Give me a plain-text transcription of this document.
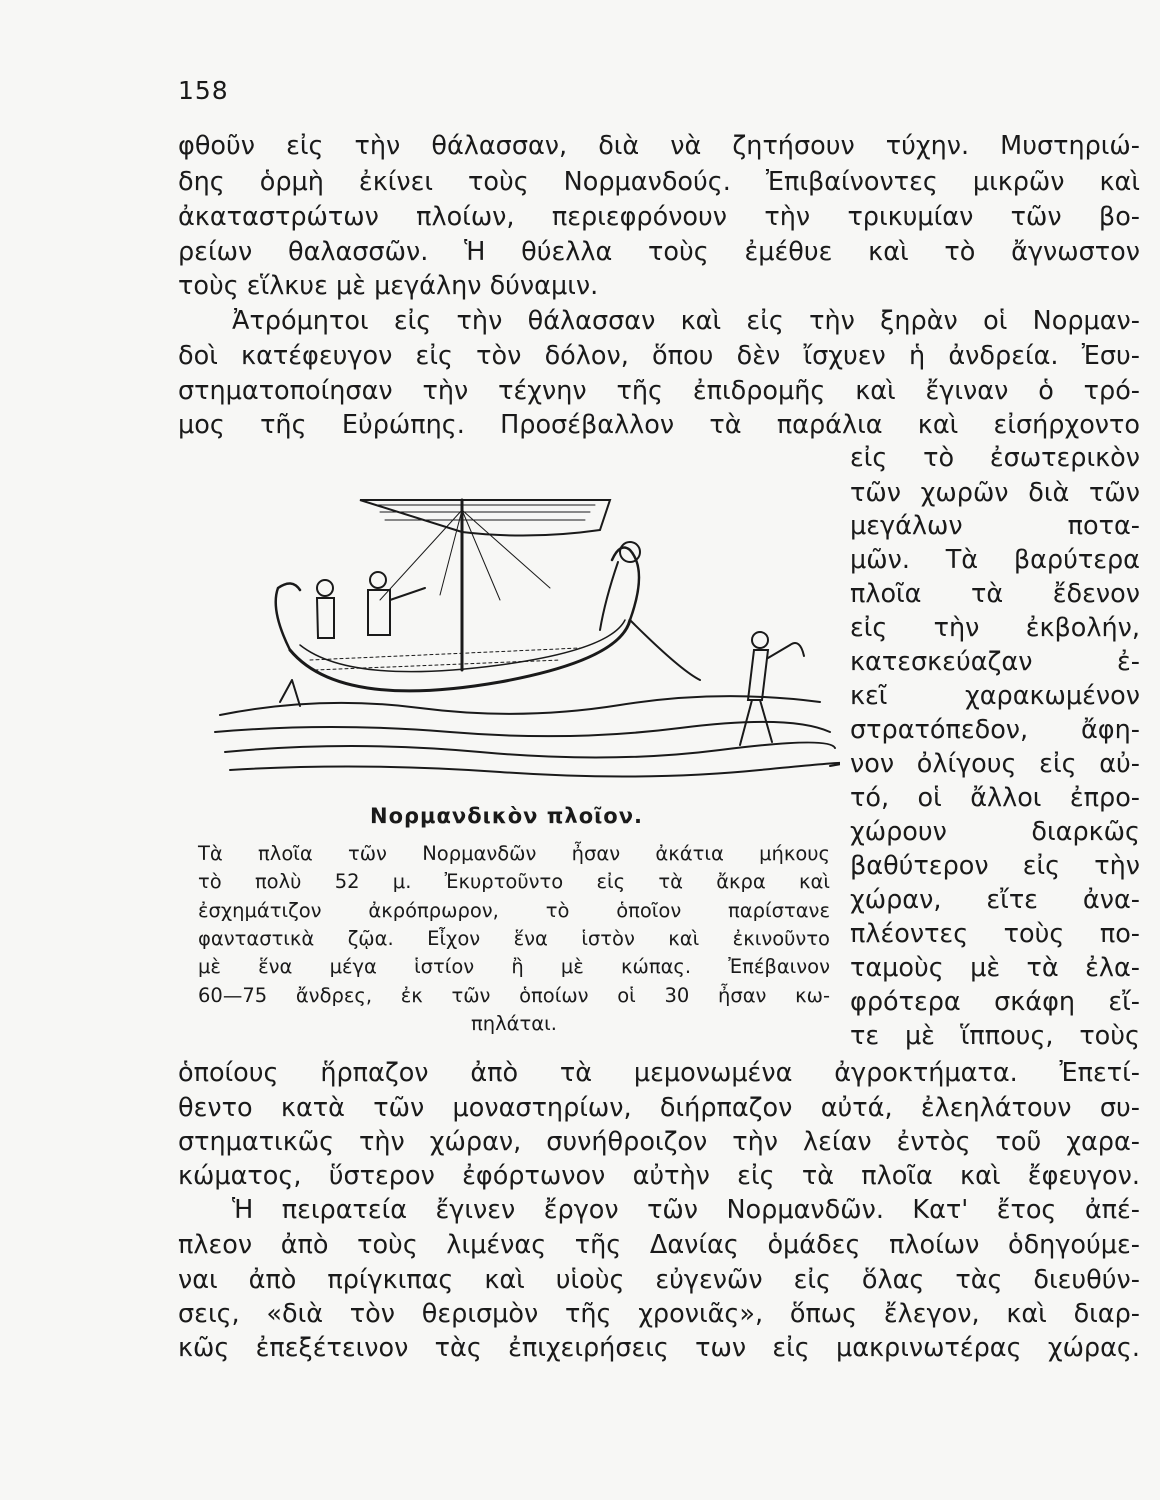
158
φθοῦν εἰς τὴν θάλασσαν, διὰ νὰ ζητήσουν τύχην. Μυστηριώ-
δης ὁρμὴ ἐκίνει τοὺς Νορμανδούς. Ἐπιβαίνοντες μικρῶν καὶ
ἀκαταστρώτων πλοίων, περιεφρόνουν τὴν τρικυμίαν τῶν βο-
ρείων θαλασσῶν. Ἡ θύελλα τοὺς ἐμέθυε καὶ τὸ ἄγνωστον
τοὺς εἵλκυε μὲ μεγάλην δύναμιν.
Ἀτρόμητοι εἰς τὴν θάλασσαν καὶ εἰς τὴν ξηρὰν οἱ Νορμαν-
δοὶ κατέφευγον εἰς τὸν δόλον, ὅπου δὲν ἴσχυεν ἡ ἀνδρεία. Ἐσυ-
στηματοποίησαν τὴν τέχνην τῆς ἐπιδρομῆς καὶ ἔγιναν ὁ τρό-
μος τῆς Εὐρώπης. Προσέβαλλον τὰ παράλια καὶ εἰσήρχοντο
εἰς τὸ ἐσωτερικὸν
τῶν χωρῶν διὰ τῶν
μεγάλων ποτα-
μῶν. Τὰ βαρύτερα
πλοῖα τὰ ἔδενον
εἰς τὴν ἐκβολήν,
κατεσκεύαζαν ἐ-
κεῖ χαρακωμένον
στρατόπεδον, ἄφη-
νον ὀλίγους εἰς αὐ-
τό, οἱ ἄλλοι ἐπρο-
χώρουν διαρκῶς
βαθύτερον εἰς τὴν
χώραν, εἴτε ἀνα-
πλέοντες τοὺς πο-
ταμοὺς μὲ τὰ ἐλα-
φρότερα σκάφη εἴ-
τε μὲ ἵππους, τοὺς
Νορμανδικὸν πλοῖον.
Τὰ πλοῖα τῶν Νορμανδῶν ἦσαν ἀκάτια μήκους
τὸ πολὺ 52 μ. Ἐκυρτοῦντο εἰς τὰ ἄκρα καὶ
ἐσχημάτιζον ἀκρόπρωρον, τὸ ὁποῖον παρίστανε
φανταστικὰ ζῷα. Εἶχον ἕνα ἱστὸν καὶ ἐκινοῦντο
μὲ ἕνα μέγα ἱστίον ἢ μὲ κώπας. Ἐπέβαινον
60—75 ἄνδρες, ἐκ τῶν ὁποίων οἱ 30 ἦσαν κω-
πηλάται.
ὁποίους ἥρπαζον ἀπὸ τὰ μεμονωμένα ἀγροκτήματα. Ἐπετί-
θεντο κατὰ τῶν μοναστηρίων, διήρπαζον αὐτά, ἐλεηλάτουν συ-
στηματικῶς τὴν χώραν, συνήθροιζον τὴν λείαν ἐντὸς τοῦ χαρα-
κώματος, ὕστερον ἐφόρτωνον αὐτὴν εἰς τὰ πλοῖα καὶ ἔφευγον.
Ἡ πειρατεία ἔγινεν ἔργον τῶν Νορμανδῶν. Κατ' ἔτος ἀπέ-
πλεον ἀπὸ τοὺς λιμένας τῆς Δανίας ὁμάδες πλοίων ὁδηγούμε-
ναι ἀπὸ πρίγκιπας καὶ υἱοὺς εὐγενῶν εἰς ὅλας τὰς διευθύν-
σεις, «διὰ τὸν θερισμὸν τῆς χρονιᾶς», ὅπως ἔλεγον, καὶ διαρ-
κῶς ἐπεξέτεινον τὰς ἐπιχειρήσεις των εἰς μακρινωτέρας χώρας.
